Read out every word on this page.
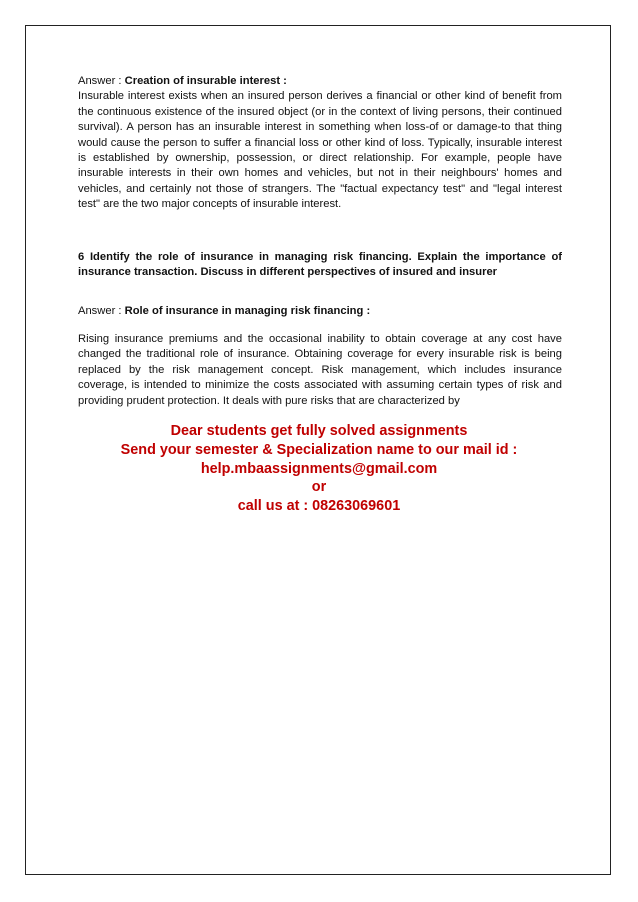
Answer : Creation of insurable interest :

Insurable interest exists when an insured person derives a financial or other kind of benefit from the continuous existence of the insured object (or in the context of living persons, their continued survival). A person has an insurable interest in something when loss-of or damage-to that thing would cause the person to suffer a financial loss or other kind of loss. Typically, insurable interest is established by ownership, possession, or direct relationship. For example, people have insurable interests in their own homes and vehicles, but not in their neighbours' homes and vehicles, and certainly not those of strangers. The "factual expectancy test" and "legal interest test" are the two major concepts of insurable interest.

6 Identify the role of insurance in managing risk financing. Explain the importance of insurance transaction. Discuss in different perspectives of insured and insurer

Answer : Role of insurance in managing risk financing :

Rising insurance premiums and the occasional inability to obtain coverage at any cost have changed the traditional role of insurance. Obtaining coverage for every insurable risk is being replaced by the risk management concept. Risk management, which includes insurance coverage, is intended to minimize the costs associated with assuming certain types of risk and providing prudent protection. It deals with pure risks that are characterized by

Dear students get fully solved assignments
Send your semester & Specialization name to our mail id :
help.mbaassignments@gmail.com
or
call us at : 08263069601
